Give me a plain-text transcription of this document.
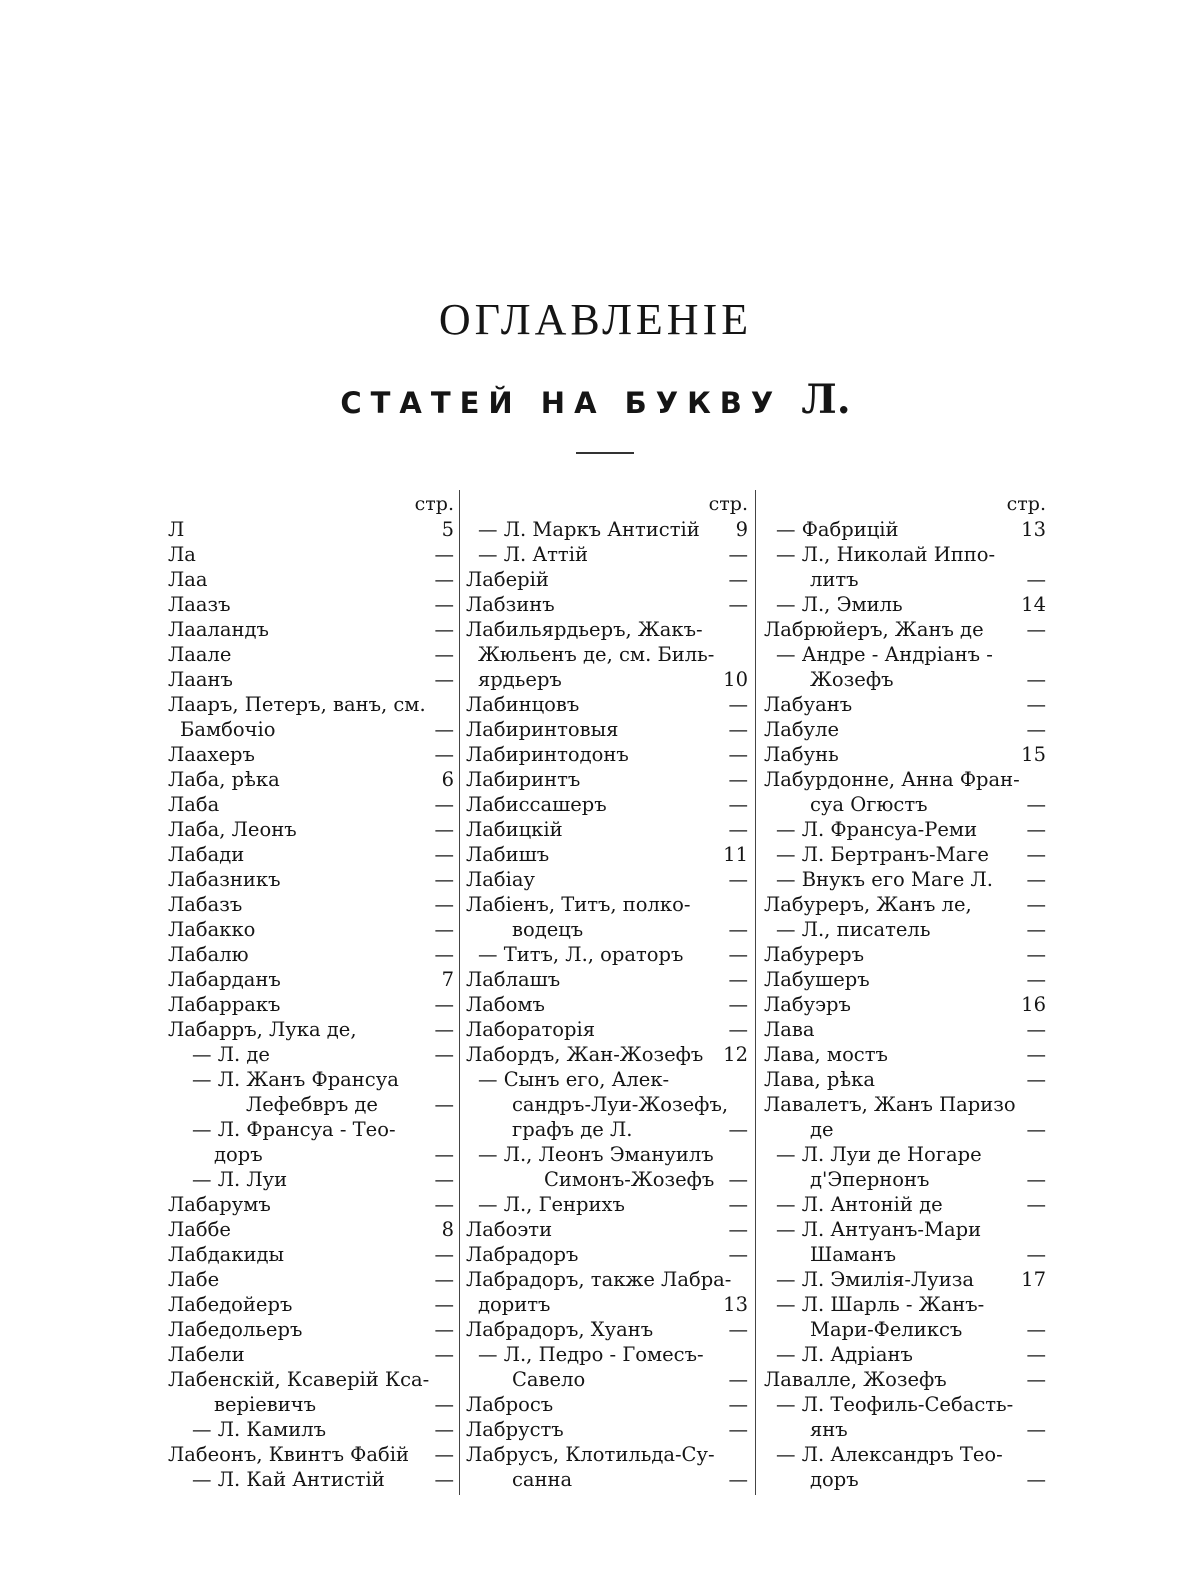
ОГЛАВЛЕНІЕ
СТАТЕЙ НА БУКВУ Л.
стр.
Л	5
Ла	—
Лаа	—
Лаазъ	—
Лааландъ	—
Лаале	—
Лаанъ	—
Лааръ, Петеръ, ванъ, см.
Бамбочіо	—
Лаахеръ	—
Лаба, рѣка	6
Лаба	—
Лаба, Леонъ	—
Лабади	—
Лабазникъ	—
Лабазъ	—
Лабакко	—
Лабалю	—
Лабарданъ	7
Лабарракъ	—
Лабарръ, Лука де,	—
— Л. де	—
— Л. Жанъ Франсуа
Лефебвръ де	—
— Л. Франсуа - Тео-
доръ	—
— Л. Луи	—
Лабарумъ	—
Лаббе	8
Лабдакиды	—
Лабе	—
Лабедойеръ	—
Лабедольеръ	—
Лабели	—
Лабенскій, Ксаверій Кса-
веріевичъ	—
— Л. Камилъ	—
Лабеонъ, Квинтъ Фабій —
— Л. Кай Антистій	—
стр.
— Л. Маркъ Антистій 9
— Л. Аттій	—
Лаберій	—
Лабзинъ	—
Лабильярдьеръ, Жакъ-
Жюльенъ де, см. Биль-
ярдьеръ	10
Лабинцовъ	—
Лабиринтовыя	—
Лабиринтодонъ	—
Лабиринтъ	—
Лабиссашеръ	—
Лабицкій	—
Лабишъ	11
Лабіау	—
Лабіенъ, Титъ, полко-
водецъ	—
— Титъ, Л., ораторъ —
Лаблашъ	—
Лабомъ	—
Лабораторія	—
Лабордъ, Жан-Жозефъ 12
— Сынъ его, Алек-
сандръ-Луи-Жозефъ,
графъ де Л.	—
— Л., Леонъ Эмануилъ
Симонъ-Жозефъ —
— Л., Генрихъ	—
Лабоэти	—
Лабрадоръ	—
Лабрадоръ, также Лабра-
доритъ	13
Лабрадоръ, Хуанъ	—
— Л., Педро - Гомесъ-
Савело	—
Лабросъ	—
Лабрустъ	—
Лабрусъ, Клотильда-Су-
санна	—
стр.
— Фабрицій	13
— Л., Николай Иппо-
литъ	—
— Л., Эмиль	14
Лабрюйеръ, Жанъ де —
— Андре - Андріанъ -
Жозефъ	—
Лабуанъ	—
Лабуле	—
Лабунь	15
Лабурдонне, Анна Фран-
суа Огюстъ	—
— Л. Франсуа-Реми	—
— Л. Бертранъ-Маге —
— Внукъ его Маге Л. —
Лабуреръ, Жанъ ле,	—
— Л., писатель	—
Лабуреръ	—
Лабушеръ	—
Лабуэръ	16
Лава	—
Лава, мостъ	—
Лава, рѣка	—
Лавалетъ, Жанъ Паризо
де	—
— Л. Луи де Ногаре
д'Эпернонъ	—
— Л. Антоній де	—
— Л. Антуанъ-Мари
Шаманъ	—
— Л. Эмилія-Луиза 17
— Л. Шарль - Жанъ-
Мари-Феликсъ	—
— Л. Адріанъ	—
Лавалле, Жозефъ	—
— Л. Теофиль-Себасть-
янъ	—
— Л. Александръ Тео-
доръ	—
